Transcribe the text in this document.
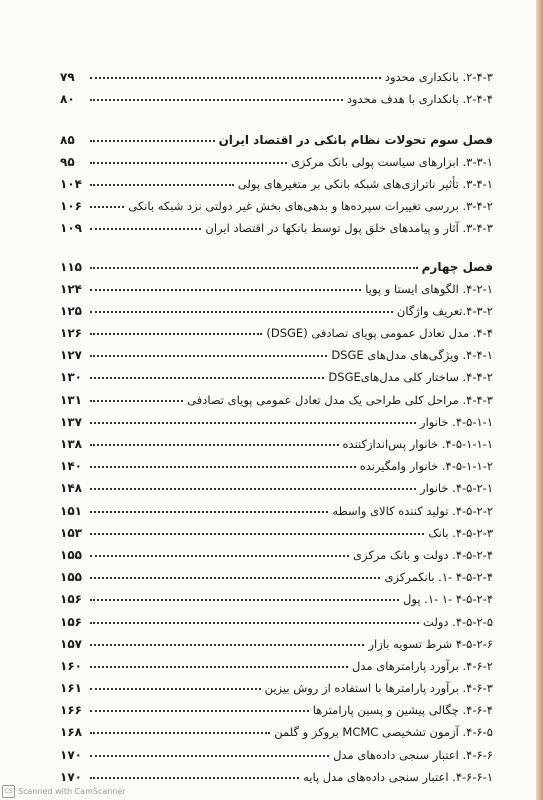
۲-۴-۳. بانکداری محدود
۷۹
۲-۴-۴. بانکداری با هدف محدود
۸۰
فصل سوم تحولات نظام بانکی در اقتصاد ایران
۸۵
۳-۳-۱. ابزارهای سیاست پولی بانک مرکزی
۹۵
۳-۴-۱. تأثیر ناترازی‌های شبکه بانکی بر متغیرهای پولی
۱۰۴
۳-۴-۲. بررسی تغییرات سپرده‌ها و بدهی‌های بخش غیر دولتی نزد شبکه بانکی
۱۰۶
۳-۴-۳. آثار و پیامدهای خلق پول توسط بانکها در اقتصاد ایران
۱۰۹
فصل چهارم
۱۱۵
۴-۲-۱. الگوهای ایستا و پویا
۱۲۴
۴-۳-۲.تعریف واژگان
۱۲۵
۴-۴. مدل تعادل عمومی پویای تصادفی (DSGE)
۱۲۶
۴-۴-۱. ویژگی‌های مدل‌های DSGE
۱۲۷
۴-۴-۲. ساختار کلی مدل‌هایDSGE
۱۳۰
۴-۴-۳. مراحل کلی طراحی یک مدل تعادل عمومی پویای تصادفی
۱۳۱
۴-۵-۱-۱. خانوار
۱۳۷
۴-۵-۱-۱-۱. خانوار پس‌اندازکننده
۱۳۸
۴-۵-۱-۱-۲. خانوار وامگیرنده
۱۴۰
۴-۵-۲-۱. خانوار
۱۴۸
۴-۵-۲-۲. تولید کننده کالای واسطه
۱۵۱
۴-۵-۲-۳. بانک
۱۵۳
۴-۵-۲-۴. دولت و بانک مرکزی
۱۵۵
۴-۵-۲-۴ -۱. بانکمرکزی
۱۵۵
۴-۵-۲-۴ -۱ -۱. پول
۱۵۶
۴-۵-۲-۵. دولت
۱۵۶
۴-۵-۲-۶ شرط تسویه بازار
۱۵۷
۴-۶-۲. برآورد پارامترهای مدل
۱۶۰
۴-۶-۳. برآورد پارامترها با استفاده از روش بیزین
۱۶۱
۴-۶-۴. چگالی پیشین و پسین پارامترها
۱۶۶
۴-۶-۵. آزمون تشخیصی MCMC بروکز و گلمن
۱۶۸
۴-۶-۶. اعتبار سنجی داده‌های مدل
۱۷۰
۴-۶-۶-۱. اعتبار سنجی داده‌های مدل پایه
۱۷۰
CS Scanned with CamScanner
